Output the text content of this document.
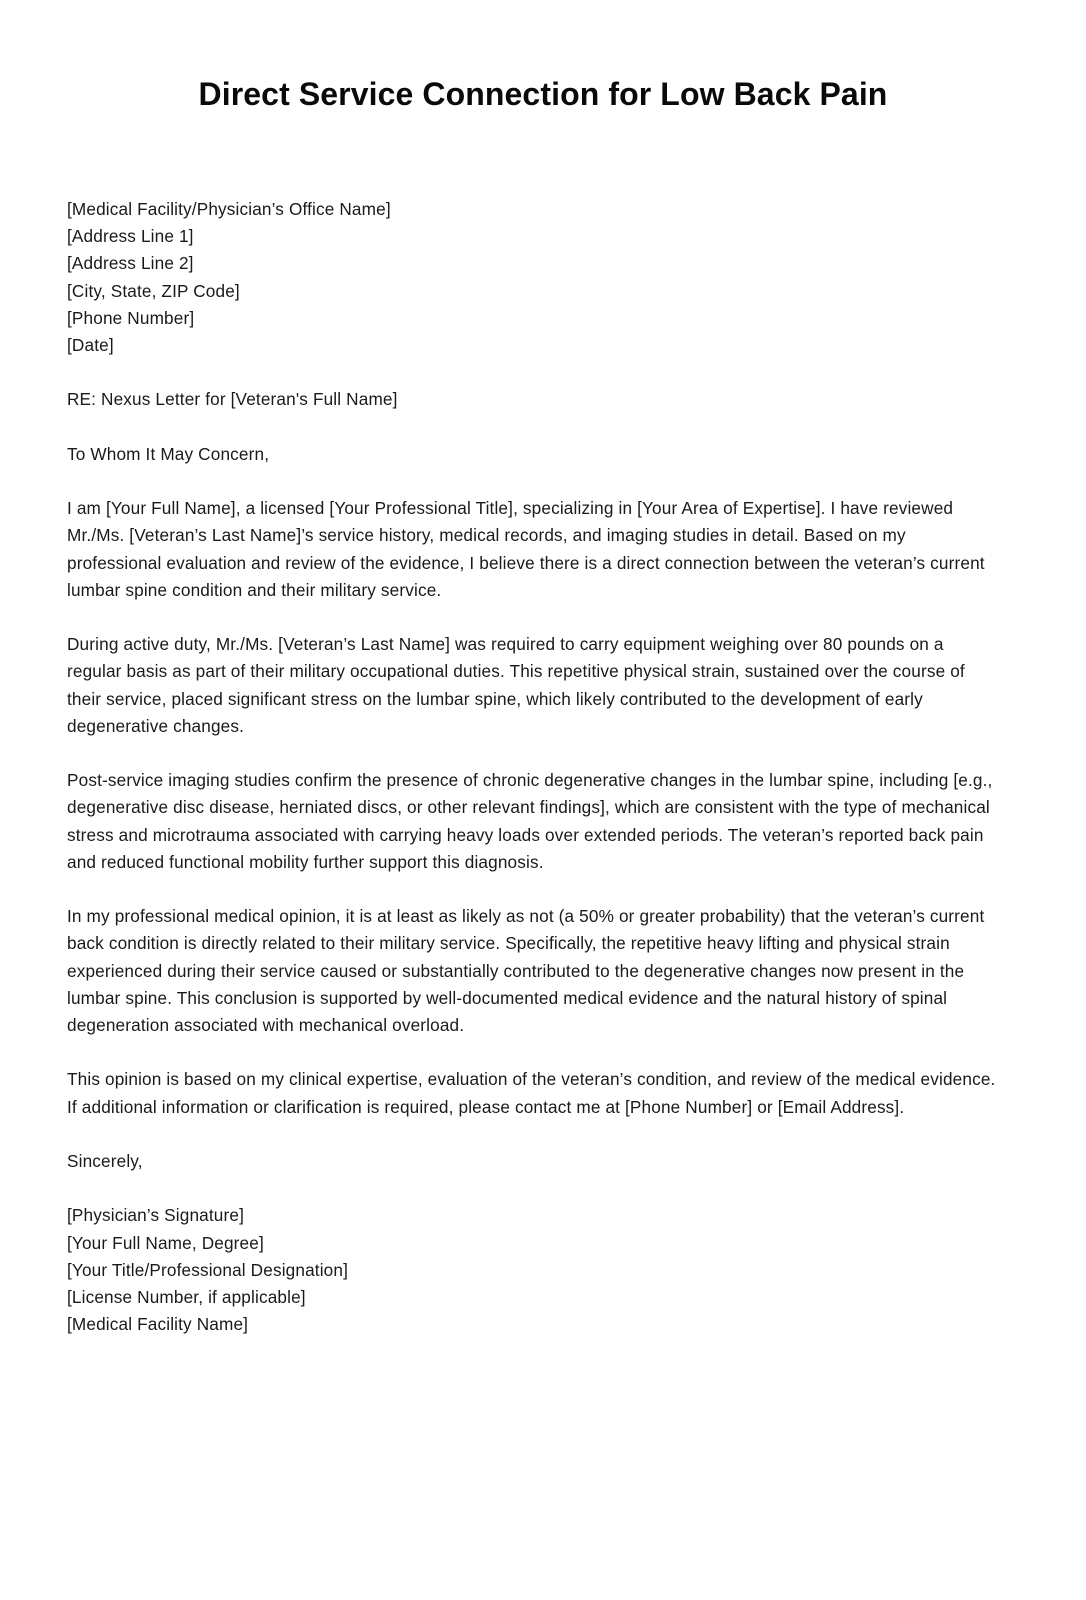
Direct Service Connection for Low Back Pain
[Medical Facility/Physician’s Office Name]
[Address Line 1]
[Address Line 2]
[City, State, ZIP Code]
[Phone Number]
[Date]
RE: Nexus Letter for [Veteran's Full Name]
To Whom It May Concern,

I am [Your Full Name], a licensed [Your Professional Title], specializing in [Your Area of Expertise]. I have reviewed Mr./Ms. [Veteran’s Last Name]’s service history, medical records, and imaging studies in detail. Based on my professional evaluation and review of the evidence, I believe there is a direct connection between the veteran’s current lumbar spine condition and their military service.

During active duty, Mr./Ms. [Veteran’s Last Name] was required to carry equipment weighing over 80 pounds on a regular basis as part of their military occupational duties. This repetitive physical strain, sustained over the course of their service, placed significant stress on the lumbar spine, which likely contributed to the development of early degenerative changes.

Post-service imaging studies confirm the presence of chronic degenerative changes in the lumbar spine, including [e.g., degenerative disc disease, herniated discs, or other relevant findings], which are consistent with the type of mechanical stress and microtrauma associated with carrying heavy loads over extended periods. The veteran’s reported back pain and reduced functional mobility further support this diagnosis.

In my professional medical opinion, it is at least as likely as not (a 50% or greater probability) that the veteran’s current back condition is directly related to their military service. Specifically, the repetitive heavy lifting and physical strain experienced during their service caused or substantially contributed to the degenerative changes now present in the lumbar spine. This conclusion is supported by well-documented medical evidence and the natural history of spinal degeneration associated with mechanical overload.

This opinion is based on my clinical expertise, evaluation of the veteran’s condition, and review of the medical evidence. If additional information or clarification is required, please contact me at [Phone Number] or [Email Address].

Sincerely,
[Physician’s Signature]
[Your Full Name, Degree]
[Your Title/Professional Designation]
[License Number, if applicable]
[Medical Facility Name]
